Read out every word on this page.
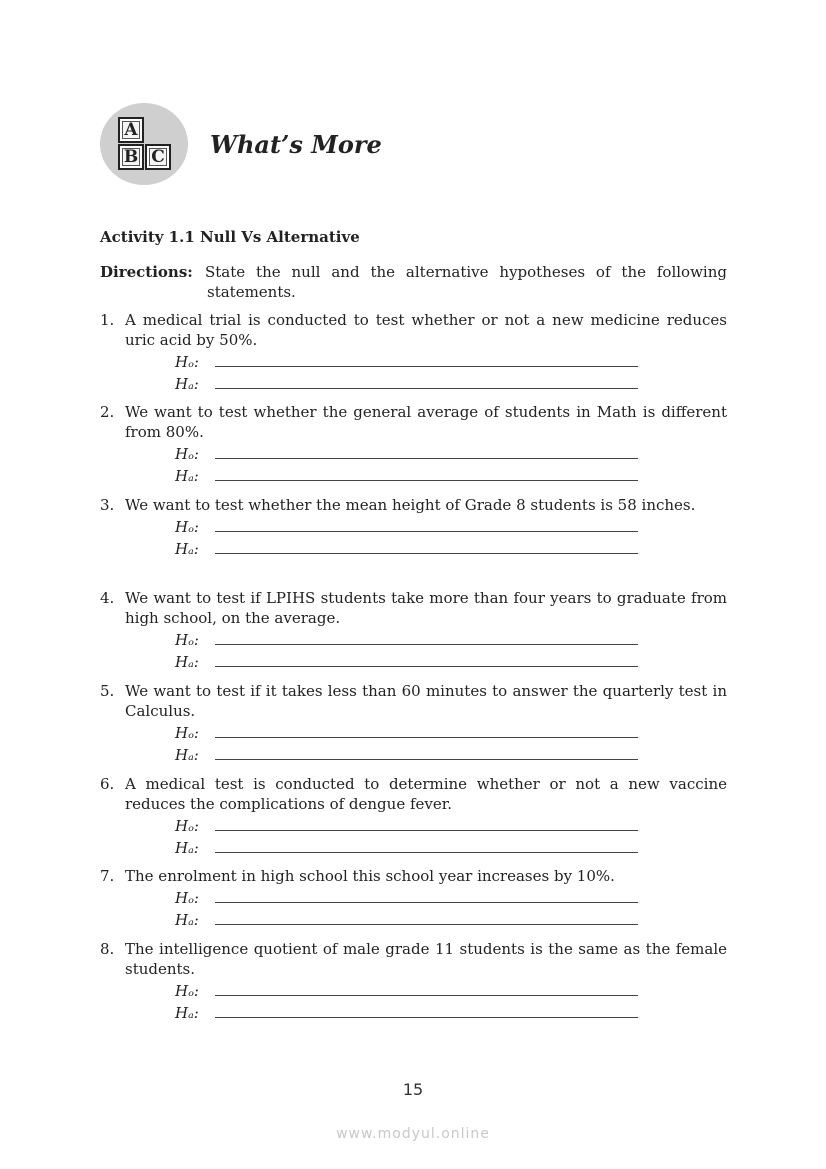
A
B C What’s More
Activity 1.1 Null Vs Alternative
Directions: State the null and the alternative hypotheses of the following
statements.
1. A medical trial is conducted to test whether or not a new medicine reduces uric acid by 50%.
Hₒ:
Hₐ:
2. We want to test whether the general average of students in Math is different from 80%.
Hₒ:
Hₐ:
3. We want to test whether the mean height of Grade 8 students is 58 inches.
Hₒ:
Hₐ:
4. We want to test if LPIHS students take more than four years to graduate from high school, on the average.
Hₒ:
Hₐ:
5. We want to test if it takes less than 60 minutes to answer the quarterly test in Calculus.
Hₒ:
Hₐ:
6. A medical test is conducted to determine whether or not a new vaccine reduces the complications of dengue fever.
Hₒ:
Hₐ:
7. The enrolment in high school this school year increases by 10%.
Hₒ:
Hₐ:
8. The intelligence quotient of male grade 11 students is the same as the female students.
Hₒ:
Hₐ:
15
www.modyul.online
